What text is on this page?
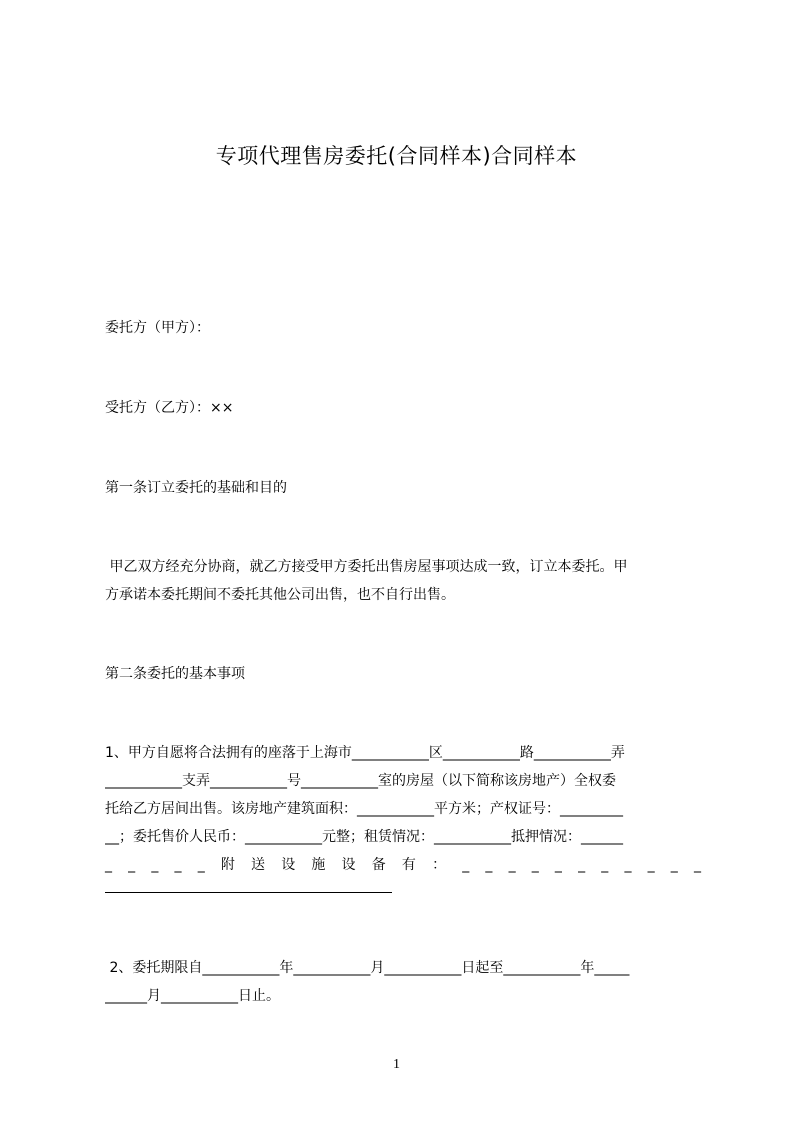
专项代理售房委托(合同样本)合同样本
委托方（甲方）：
受托方（乙方）：××
第一条订立委托的基础和目的
甲乙双方经充分协商，就乙方接受甲方委托出售房屋事项达成一致，订立本委托。甲
方承诺本委托期间不委托其他公司出售，也不自行出售。
第二条委托的基本事项
1、甲方自愿将合法拥有的座落于上海市___________区___________路___________弄
___________支弄___________号___________室的房屋（以下简称该房地产）全权委
托给乙方居间出售。该房地产建筑面积：___________平方米；产权证号：_________
__；委托售价人民币：___________元整；租赁情况：___________抵押情况：______
_ _ _ _ _ 附 送 设 施 设 备 有 ： _ _ _ _ _ _ _ _ _ _ _
2、委托期限自___________年___________月___________日起至___________年_____
______月___________日止。
1
